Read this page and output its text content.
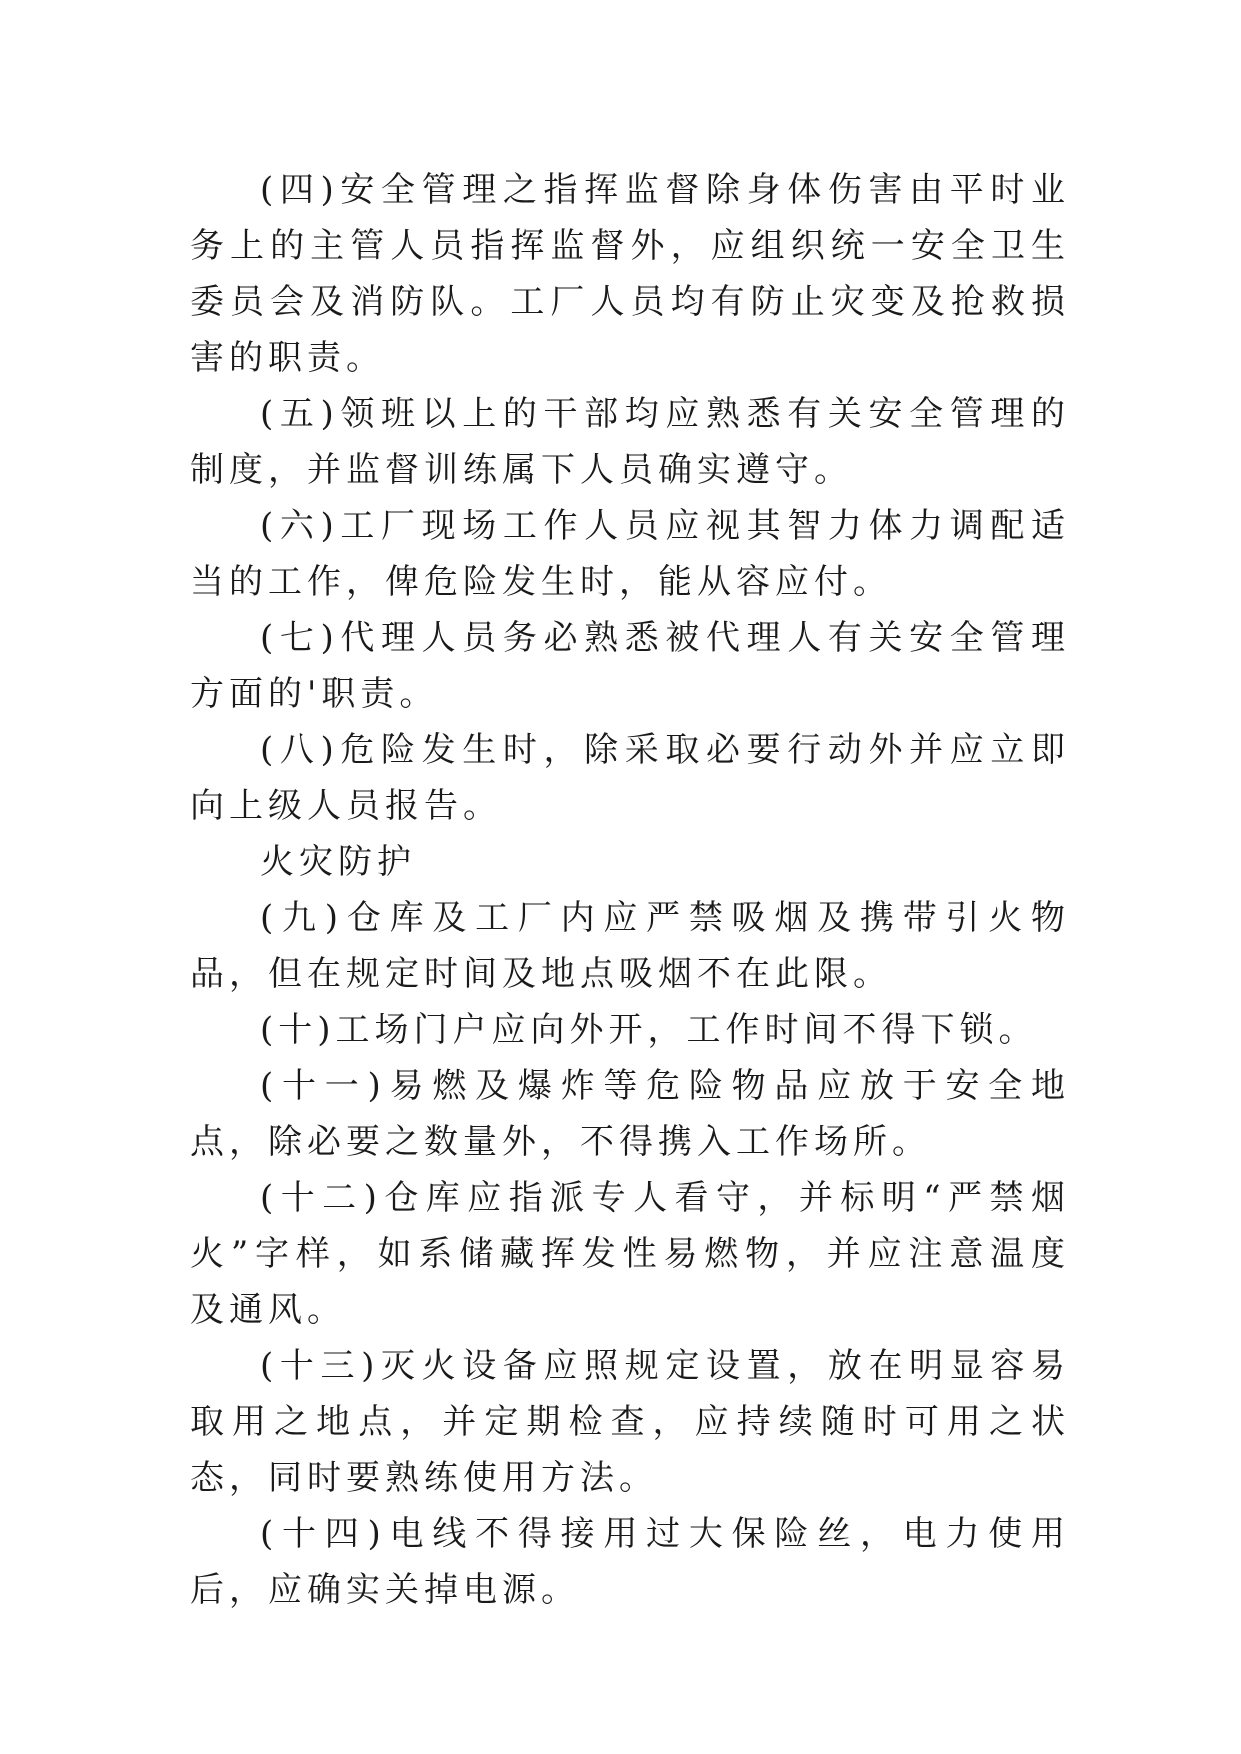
(四)安全管理之指挥监督除身体伤害由平时业务上的主管人员指挥监督外，应组织统一安全卫生委员会及消防队。工厂人员均有防止灾变及抢救损害的职责。

(五)领班以上的干部均应熟悉有关安全管理的制度，并监督训练属下人员确实遵守。

(六)工厂现场工作人员应视其智力体力调配适当的工作，俾危险发生时，能从容应付。

(七)代理人员务必熟悉被代理人有关安全管理方面的'职责。

(八)危险发生时，除采取必要行动外并应立即向上级人员报告。

火灾防护

(九)仓库及工厂内应严禁吸烟及携带引火物品，但在规定时间及地点吸烟不在此限。

(十)工场门户应向外开，工作时间不得下锁。

(十一)易燃及爆炸等危险物品应放于安全地点，除必要之数量外，不得携入工作场所。

(十二)仓库应指派专人看守，并标明“严禁烟火”字样，如系储藏挥发性易燃物，并应注意温度及通风。

(十三)灭火设备应照规定设置，放在明显容易取用之地点，并定期检查，应持续随时可用之状态，同时要熟练使用方法。

(十四)电线不得接用过大保险丝，电力使用后，应确实关掉电源。
